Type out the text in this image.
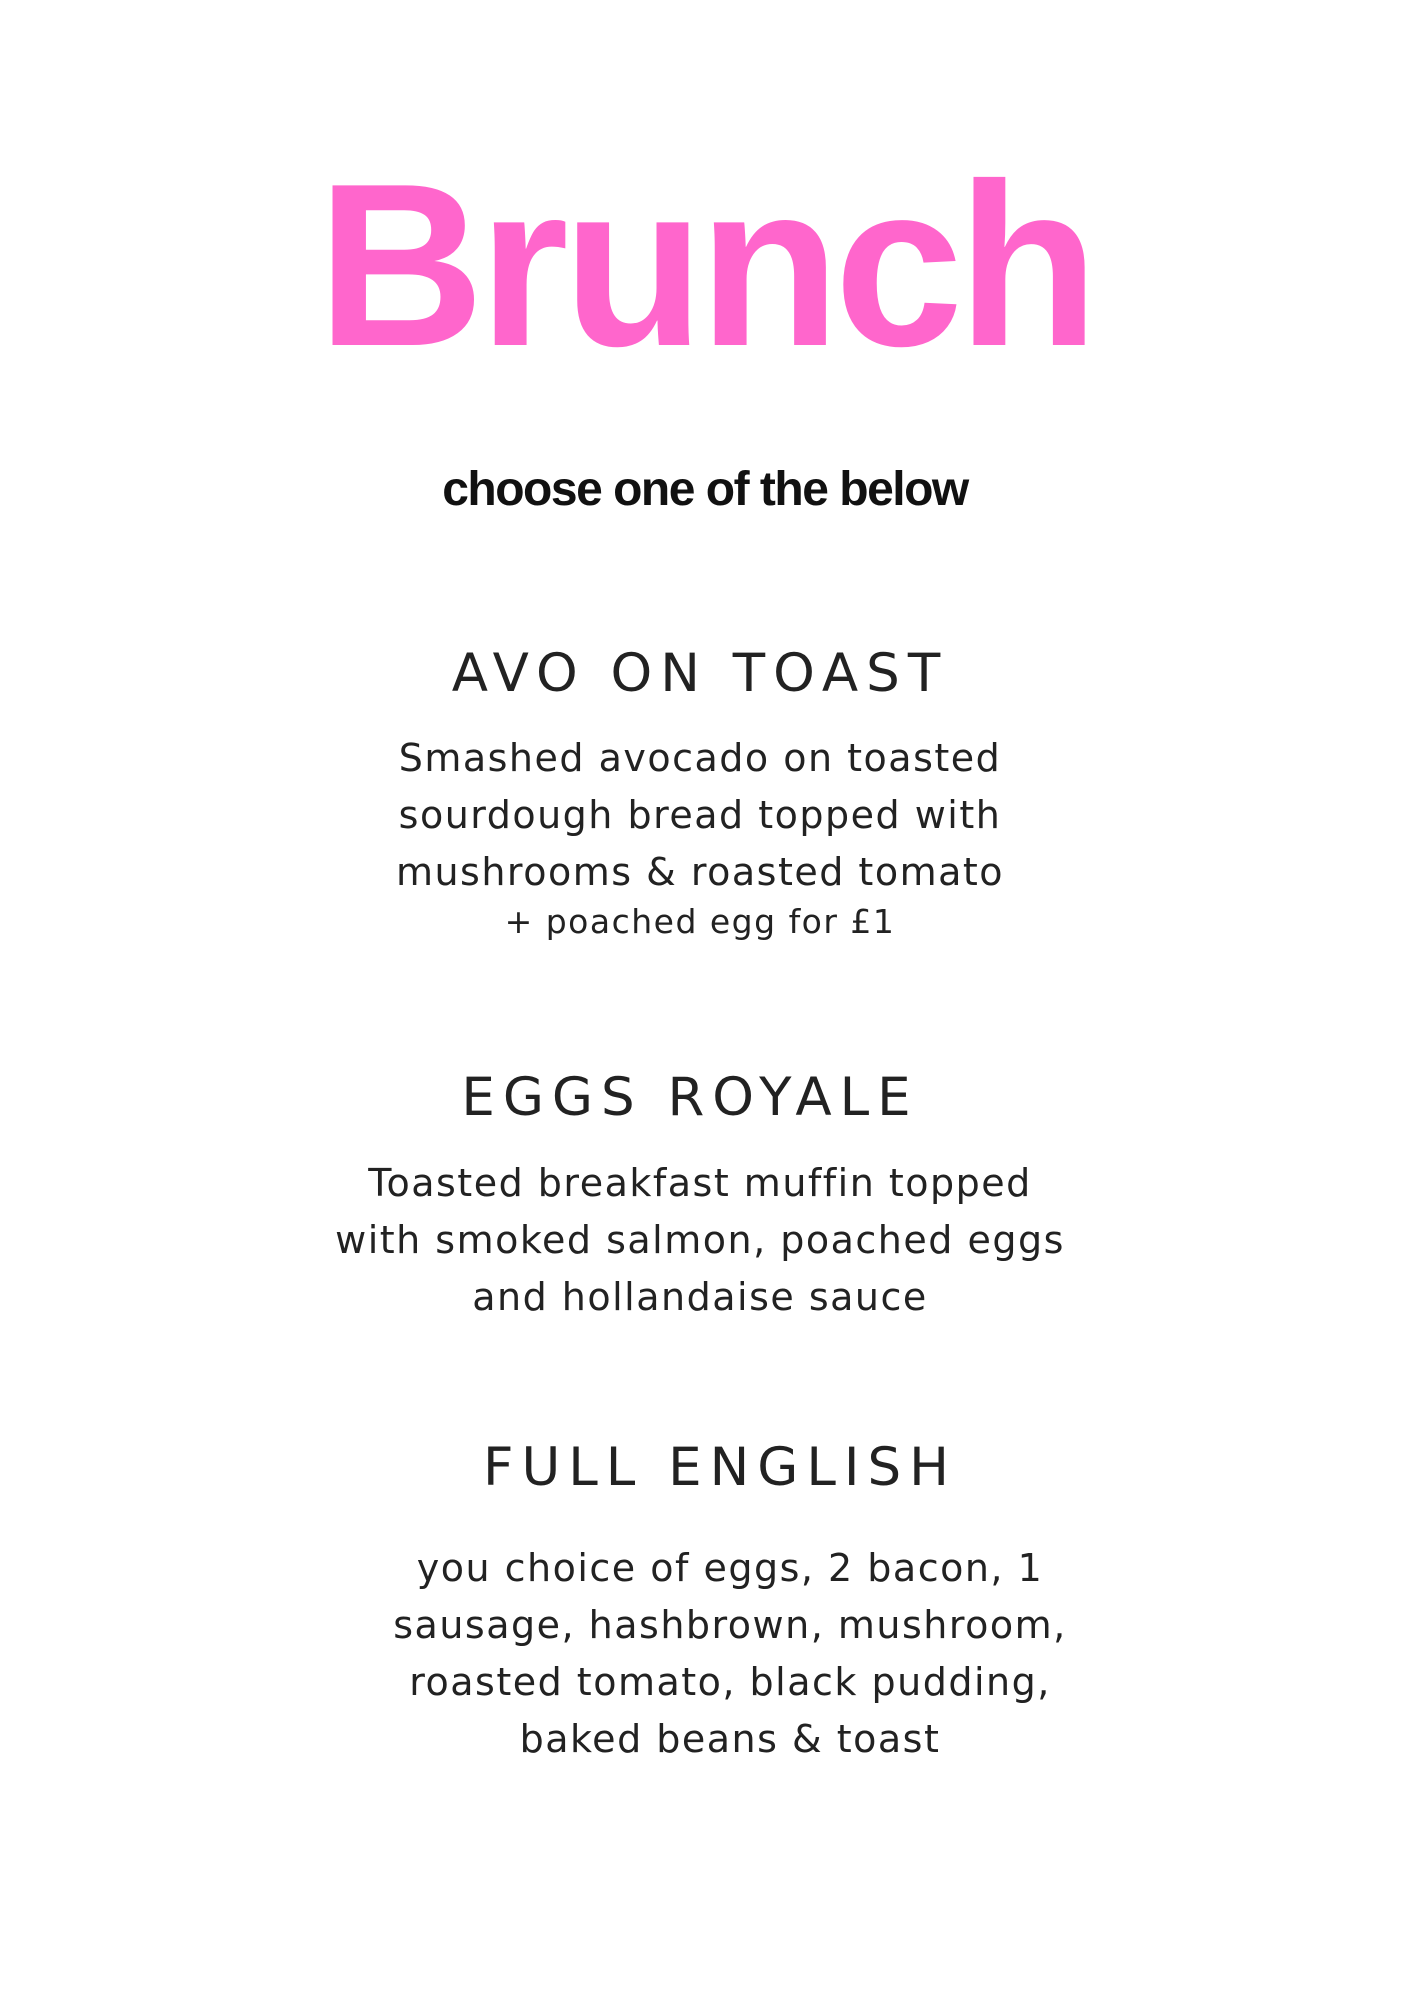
Brunch
choose one of the below
AVO ON TOAST
Smashed avocado on toasted
sourdough bread topped with
mushrooms & roasted tomato
+ poached egg for £1
EGGS ROYALE
Toasted breakfast muffin topped
with smoked salmon, poached eggs
and hollandaise sauce
FULL ENGLISH
you choice of eggs, 2 bacon, 1
sausage, hashbrown, mushroom,
roasted tomato, black pudding,
baked beans & toast
